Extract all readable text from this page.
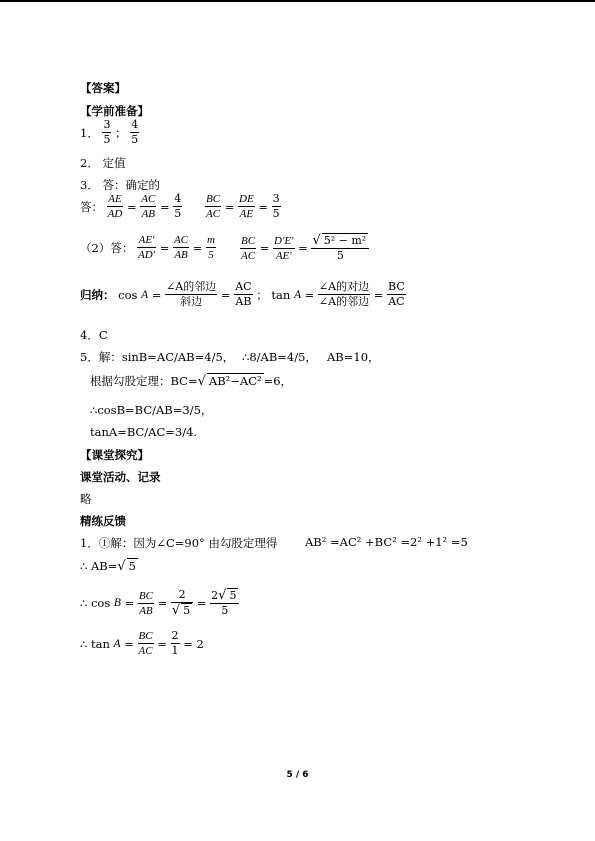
【答案】
【学前准备】
1． $\frac{3}{5}$ ； $\frac{4}{5}$
2． 定值
3． 答：确定的
答： $\frac{AE}{AD} = \frac{AC}{AB} = \frac{4}{5} \frac{BC}{AC} = \frac{DE}{AE} = \frac{3}{5}$
（2）答： $\frac{AE'}{AD'} = \frac{AC}{AB} = \frac{m}{5} \frac{BC}{AC} = \frac{D'E'}{AE'} = \frac{\text{√ 5² − m²}}{5}$
归纳： $\cos A = \frac{\text{∠A的邻边}}{\text{斜边}} = \frac{AC}{AB}$ ； $\tan A = \frac{\text{∠A的对边}}{\text{∠A的邻边}} = \frac{BC}{AC}$
4．C
5．解：sinB=AC/AB=4/5， ∴8/AB=4/5， AB=10，
根据勾股定理：BC=√ AB²−AC² =6，
∴cosB=BC/AB=3/5，
tanA=BC/AC=3/4.
【课堂探究】
课堂活动、记录
略
精练反馈
1．①解：因为∠C=90° 由勾股定理得 AB² =AC² +BC² =2² +1² =5
∴ AB=√ 5
∴ $\cos B = \frac{BC}{AB} = \frac{2}{√ 5} = \frac{2√ 5}{5}$
∴ $\tan A = \frac{BC}{AC} = \frac{2}{1} = 2$
5 / 6
